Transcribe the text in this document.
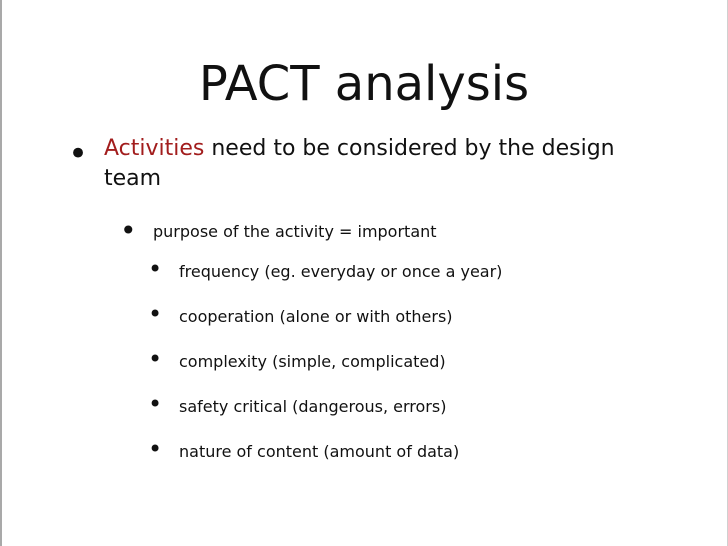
PACT analysis
• Activities need to be considered by the design team
• purpose of the activity = important
• frequency (eg. everyday or once a year)
• cooperation (alone or with others)
• complexity (simple, complicated)
• safety critical (dangerous, errors)
• nature of content (amount of data)
